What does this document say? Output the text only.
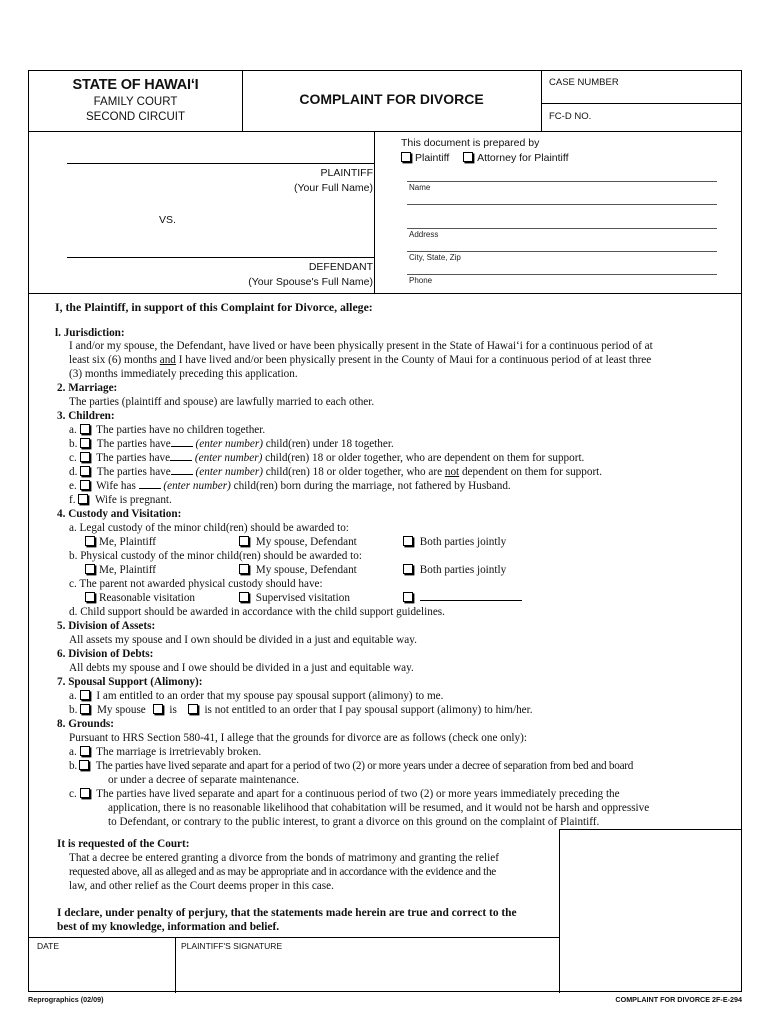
STATE OF HAWAIʻI
FAMILY COURT
SECOND CIRCUIT
COMPLAINT FOR DIVORCE
CASE NUMBER
FC-D NO.
PLAINTIFF
(Your Full Name)
VS.
DEFENDANT
(Your Spouse's Full Name)
This document is prepared by
Plaintiff	Attorney for Plaintiff
Name
Address
City, State, Zip
Phone
I, the Plaintiff, in support of this Complaint for Divorce, allege:
l. Jurisdiction:
I and/or my spouse, the Defendant, have lived or have been physically present in the State of Hawaiʻi for a continuous period of at
least six (6) months and I have lived and/or been physically present in the County of Maui for a continuous period of at least three
(3) months immediately preceding this application.
2. Marriage:
The parties (plaintiff and spouse) are lawfully married to each other.
3. Children:
a. The parties have no children together.
b. The parties have (enter number) child(ren) under 18 together.
c. The parties have (enter number) child(ren) 18 or older together, who are dependent on them for support.
d. The parties have (enter number) child(ren) 18 or older together, who are not dependent on them for support.
e. Wife has (enter number) child(ren) born during the marriage, not fathered by Husband.
f. Wife is pregnant.
4. Custody and Visitation:
a. Legal custody of the minor child(ren) should be awarded to:
Me, Plaintiff	My spouse, Defendant	Both parties jointly
b. Physical custody of the minor child(ren) should be awarded to:
Me, Plaintiff	My spouse, Defendant	Both parties jointly
c. The parent not awarded physical custody should have:
Reasonable visitation	Supervised visitation

d. Child support should be awarded in accordance with the child support guidelines.
5. Division of Assets:
All assets my spouse and I own should be divided in a just and equitable way.
6. Division of Debts:
All debts my spouse and I owe should be divided in a just and equitable way.
7. Spousal Support (Alimony):
a. I am entitled to an order that my spouse pay spousal support (alimony) to me.
b. My spouse is is not entitled to an order that I pay spousal support (alimony) to him/her.
8. Grounds:
Pursuant to HRS Section 580-41, I allege that the grounds for divorce are as follows (check one only):
a. The marriage is irretrievably broken.
b. The parties have lived separate and apart for a period of two (2) or more years under a decree of separation from bed and board
or under a decree of separate maintenance.
c. The parties have lived separate and apart for a continuous period of two (2) or more years immediately preceding the
application, there is no reasonable likelihood that cohabitation will be resumed, and it would not be harsh and oppressive
to Defendant, or contrary to the public interest, to grant a divorce on this ground on the complaint of Plaintiff.
It is requested of the Court:
That a decree be entered granting a divorce from the bonds of matrimony and granting the relief
requested above, all as alleged and as may be appropriate and in accordance with the evidence and the
law, and other relief as the Court deems proper in this case.
I declare, under penalty of perjury, that the statements made herein are true and correct to the
best of my knowledge, information and belief.
DATE	PLAINTIFF'S SIGNATURE
Reprographics (02/09)	COMPLAINT FOR DIVORCE 2F-E-294
